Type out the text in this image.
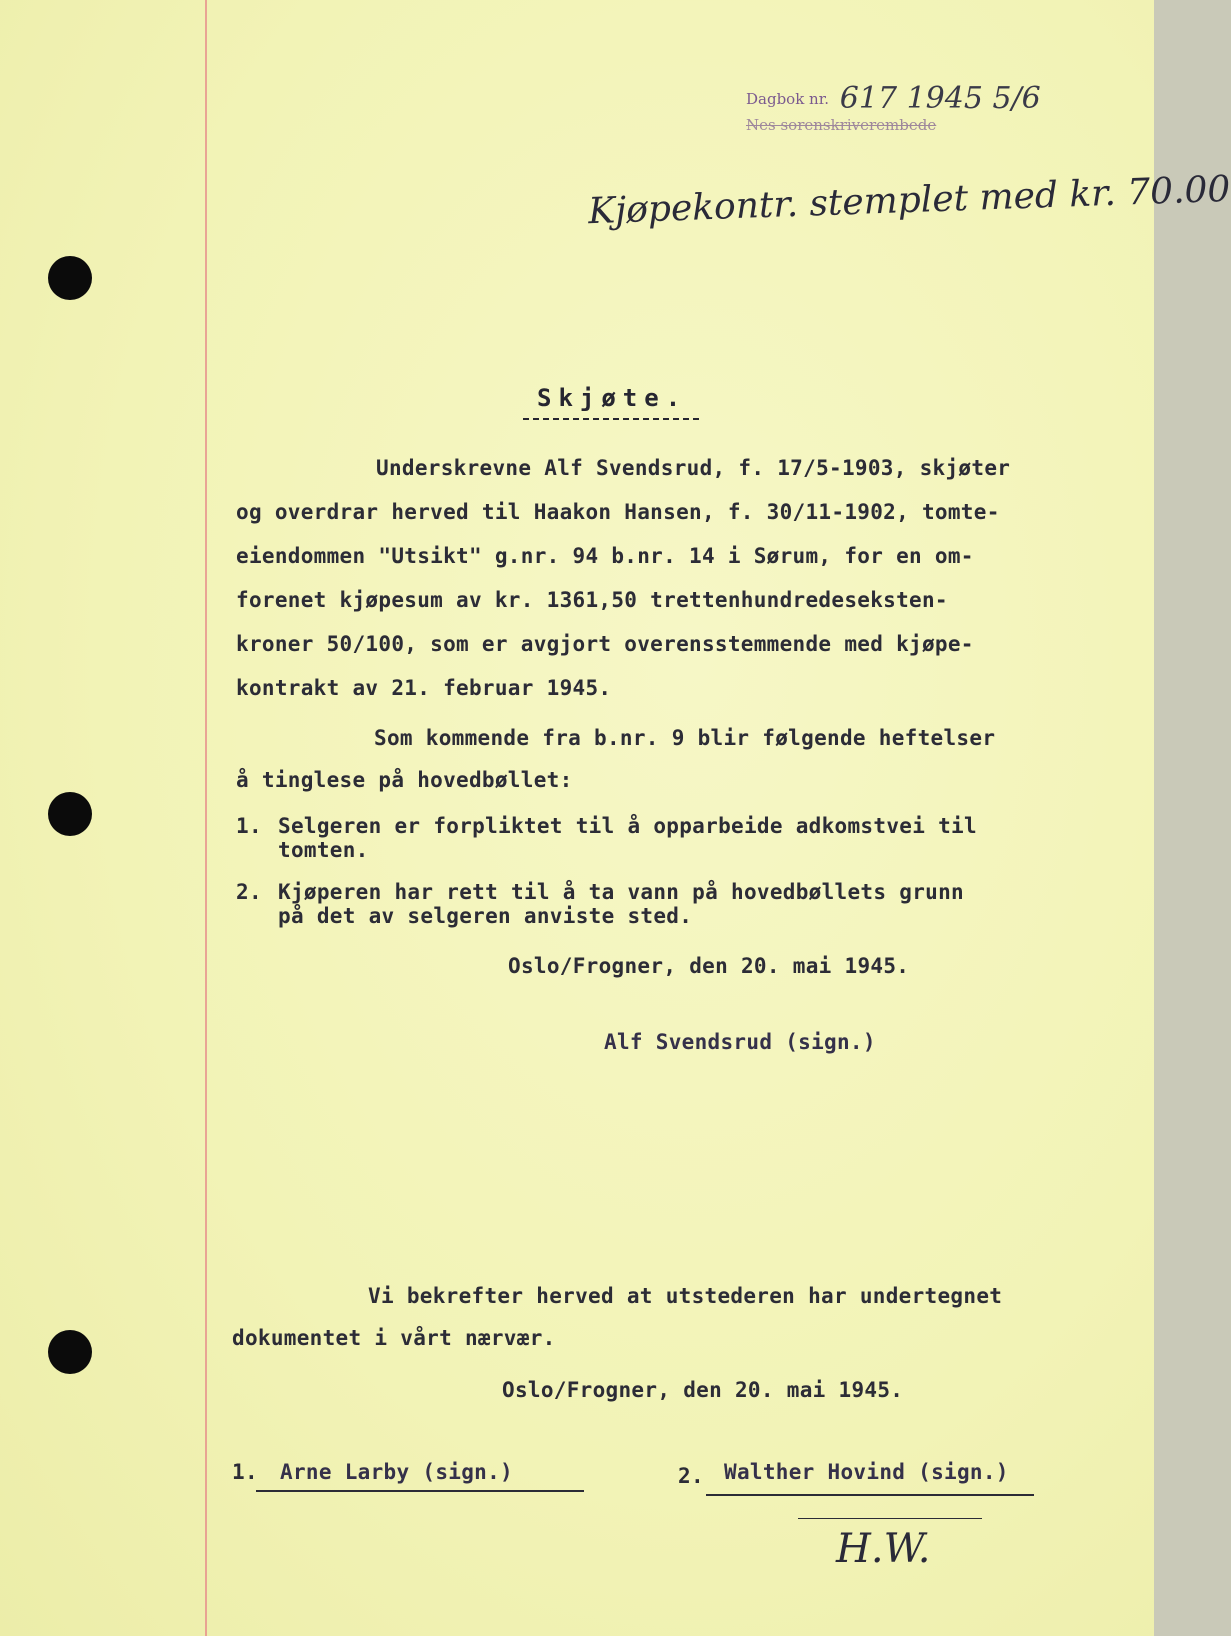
Dagbok nr. 617 1945 5/6
Nes sorenskriverembede
Kjøpekontr. stemplet med kr. 70.00
Skjøte.
Underskrevne Alf Svendsrud, f. 17/5-1903, skjøter
og overdrar herved til Haakon Hansen, f. 30/11-1902, tomte-
eiendommen "Utsikt" g.nr. 94 b.nr. 14 i Sørum, for en om-
forenet kjøpesum av kr. 1361,50 trettenhundredeseksten-
kroner 50/100, som er avgjort overensstemmende med kjøpe-
kontrakt av 21. februar 1945.
Som kommende fra b.nr. 9 blir følgende heftelser
å tinglese på hovedbøllet:
1. Selgeren er forpliktet til å opparbeide adkomstvei til
tomten.
2. Kjøperen har rett til å ta vann på hovedbøllets grunn
på det av selgeren anviste sted.
Oslo/Frogner, den 20. mai 1945.
Alf Svendsrud (sign.)
Vi bekrefter herved at utstederen har undertegnet
dokumentet i vårt nærvær.
Oslo/Frogner, den 20. mai 1945.
1. Arne Larby (sign.)	2. Walther Hovind (sign.)
H.W.
